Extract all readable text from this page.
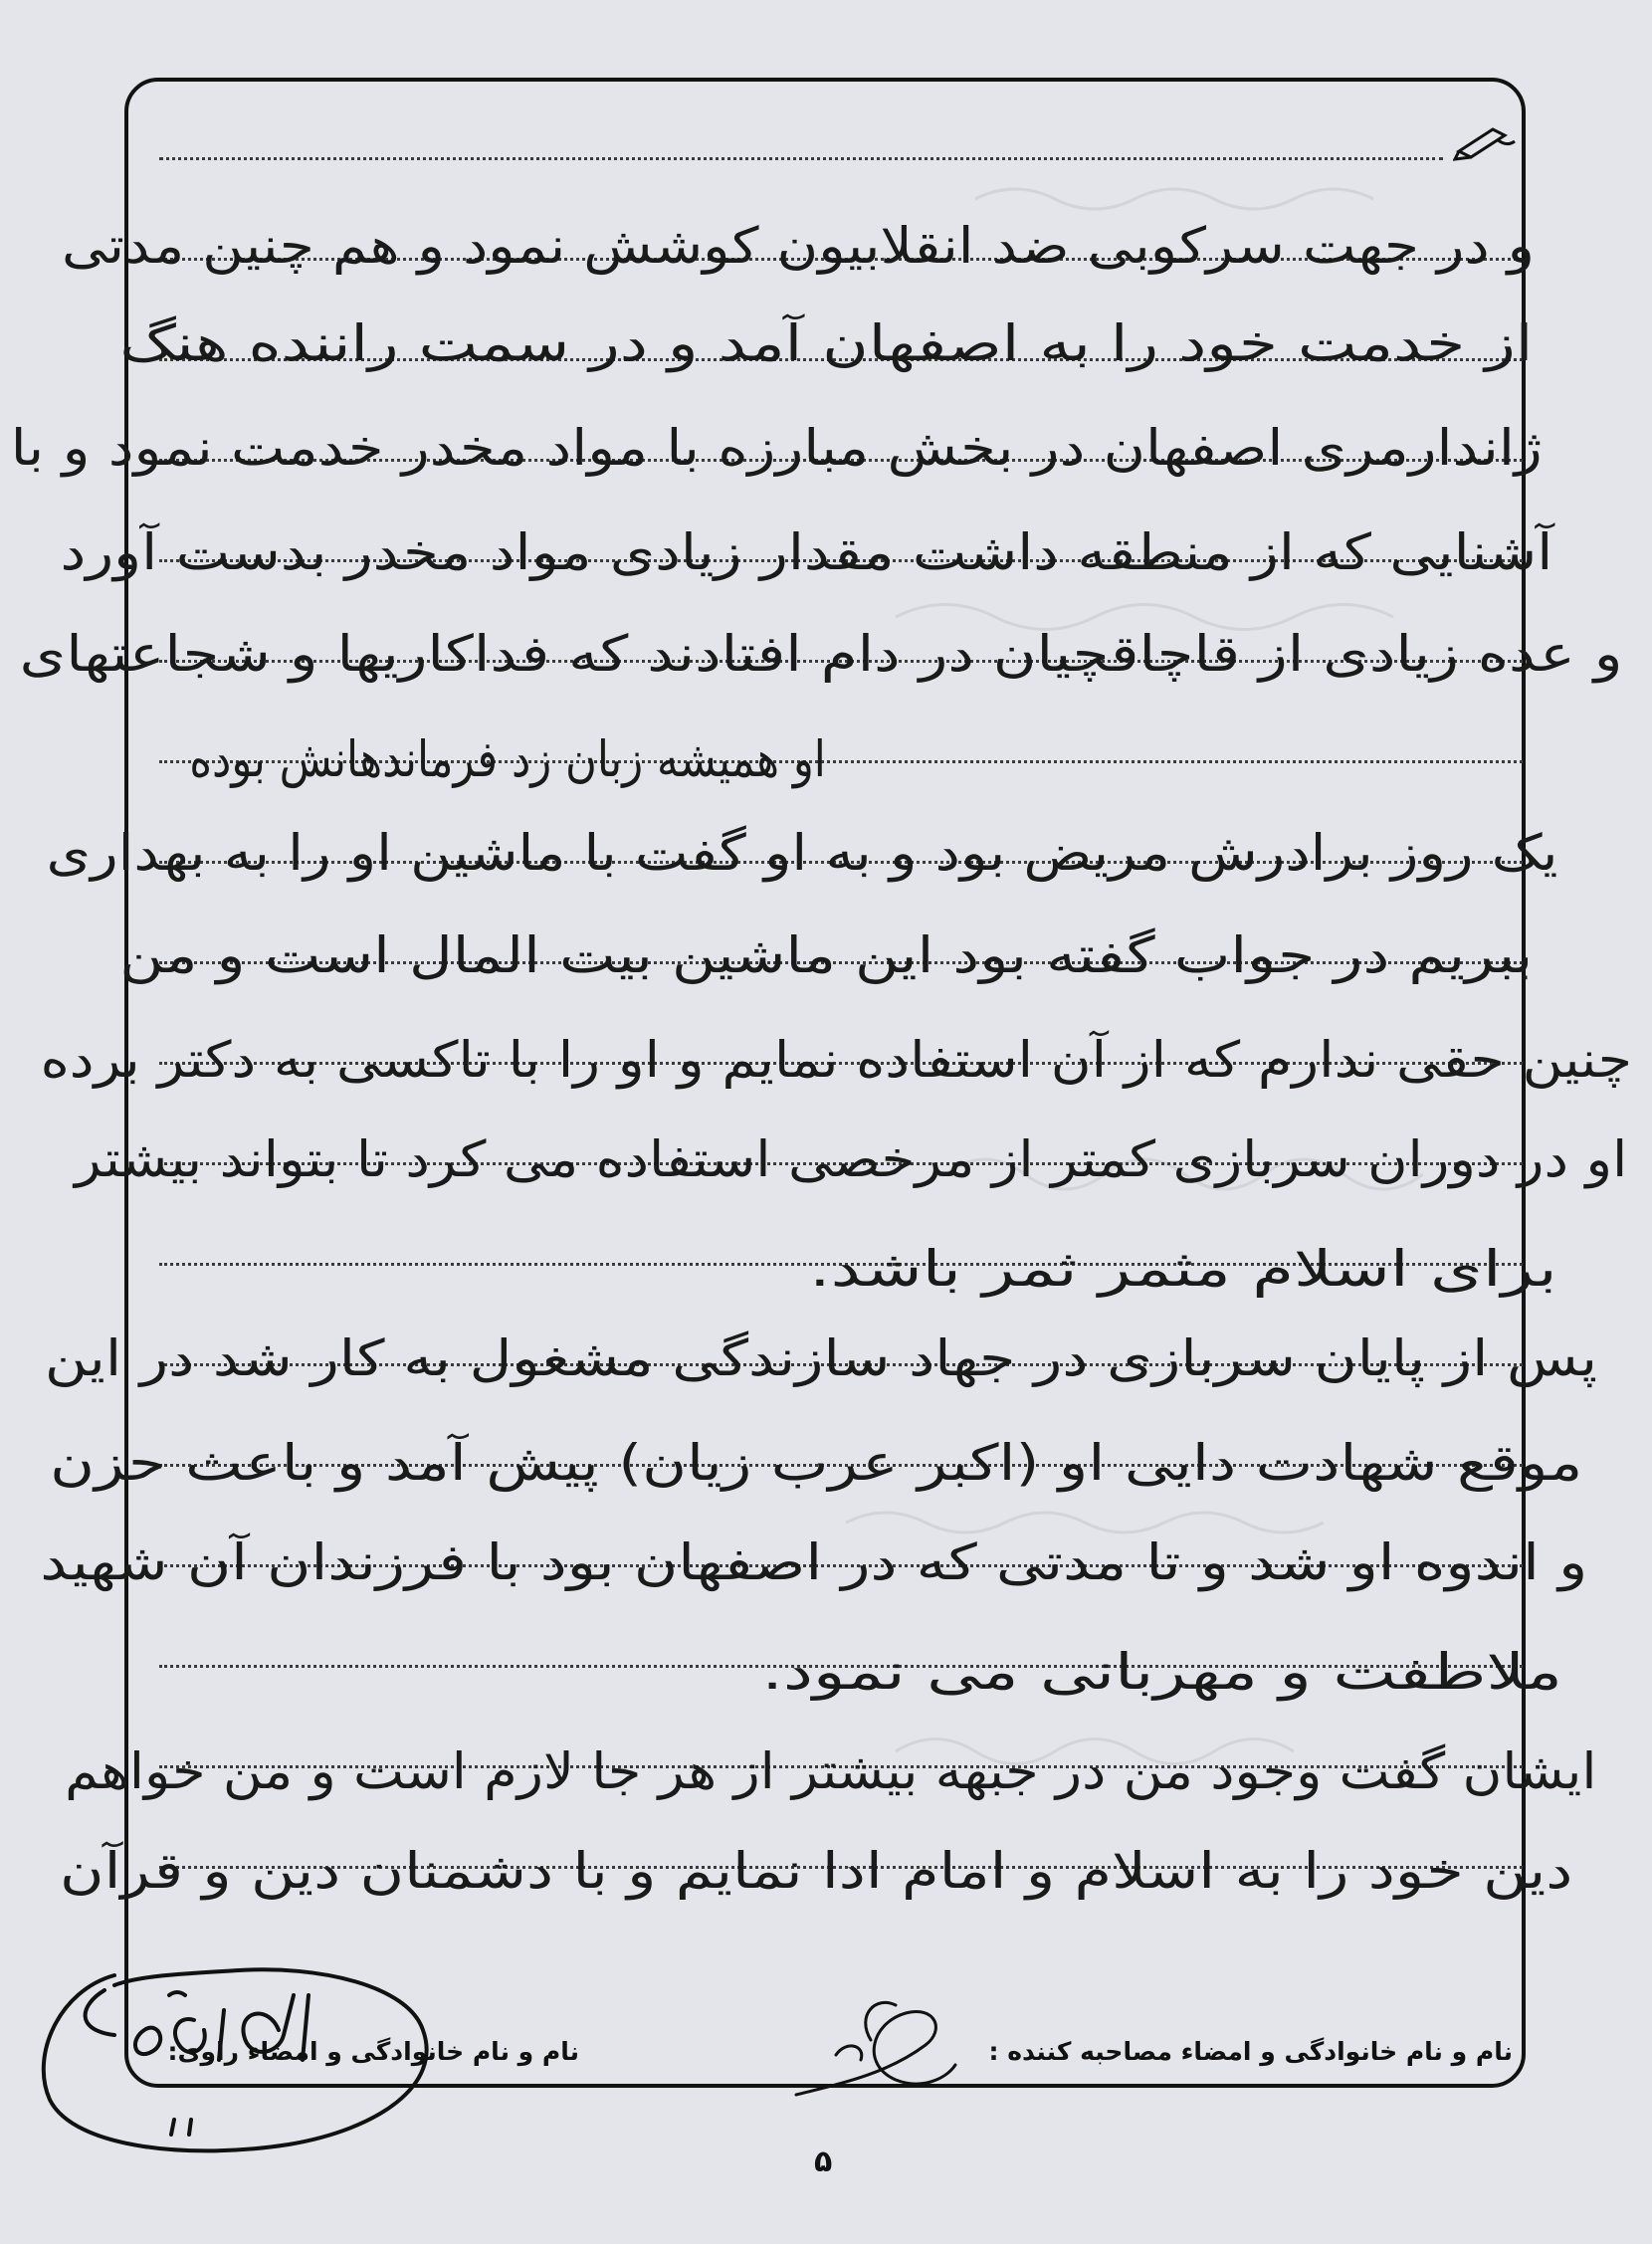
و در جهت سرکوبی ضد انقلابیون کوشش نمود و هم چنین مدتی
از خدمت خود را به اصفهان آمد و در سمت راننده هنگ
ژاندارمری اصفهان در بخش مبارزه با مواد مخدر خدمت نمود و با
آشنایی که از منطقه داشت مقدار زیادی مواد مخدر بدست آورد
و عده زیادی از قاچاقچیان در دام افتادند که فداکاریها و شجاعتهای
او همیشه زبان زد فرماندهانش بوده
یک روز برادرش مریض بود و به او گفت با ماشین او را به بهداری
ببریم در جواب گفته بود این ماشین بیت المال است و من
چنین حقی ندارم که از آن استفاده نمایم و او را با تاکسی به دکتر برده
او در دوران سربازی کمتر از مرخصی استفاده می کرد تا بتواند بیشتر
برای اسلام مثمر ثمر باشد.
پس از پایان سربازی در جهاد سازندگی مشغول به کار شد در این
موقع شهادت دایی او (اکبر عرب زیان) پیش آمد و باعث حزن
و اندوه او شد و تا مدتی که در اصفهان بود با فرزندان آن شهید
ملاطفت و مهربانی می نمود.
ایشان گفت وجود من در جبهه بیشتر از هر جا لازم است و من خواهم
دین خود را به اسلام و امام ادا نمایم و با دشمنان دین و قرآن
نام و نام خانوادگی و امضاء راوی:	نام و نام خانوادگی و امضاء مصاحبه کننده :
۵
